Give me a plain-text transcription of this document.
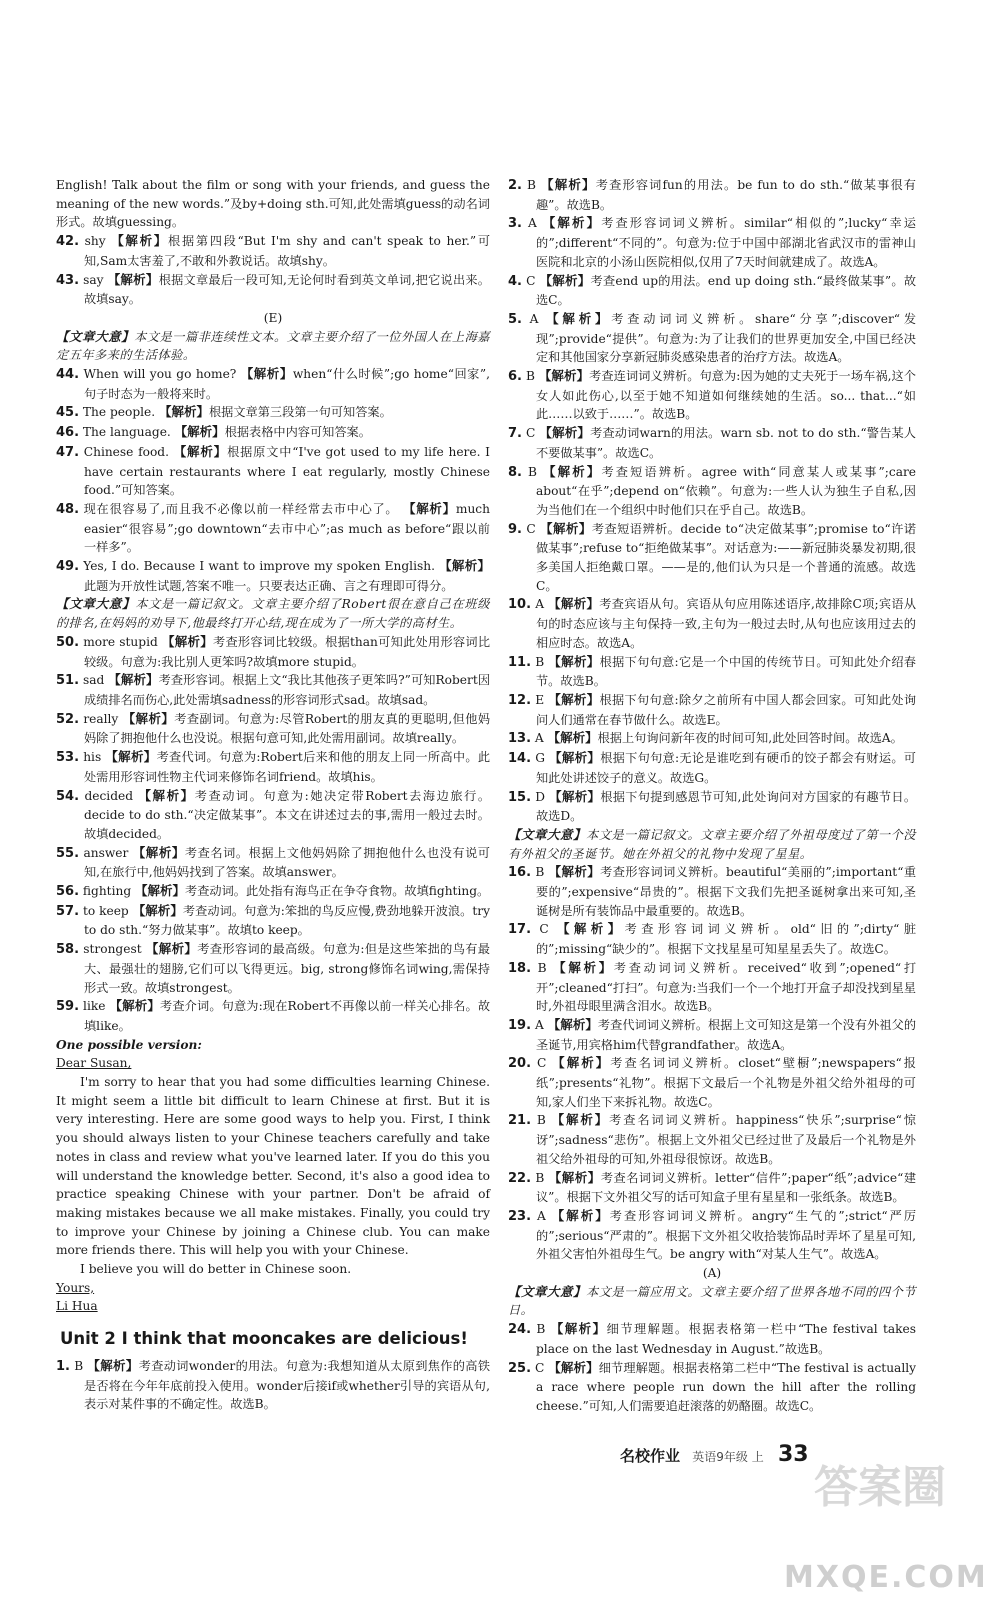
English! Talk about the film or song with your friends, and guess the meaning of the new words.”及by+doing sth.可知,此处需填guess的动名词形式。故填guessing。
42. shy 【解析】根据第四段“But I'm shy and can't speak to her.”可知,Sam太害羞了,不敢和外教说话。故填shy。
43. say 【解析】根据文章最后一段可知,无论何时看到英文单词,把它说出来。故填say。
(E)
【文章大意】本文是一篇非连续性文本。文章主要介绍了一位外国人在上海嘉定五年多来的生活体验。
44. When will you go home? 【解析】when“什么时候”;go home“回家”,句子时态为一般将来时。
45. The people. 【解析】根据文章第三段第一句可知答案。
46. The language. 【解析】根据表格中内容可知答案。
47. Chinese food. 【解析】根据原文中“I've got used to my life here. I have certain restaurants where I eat regularly, mostly Chinese food.”可知答案。
48. 现在很容易了,而且我不必像以前一样经常去市中心了。 【解析】much easier“很容易”;go downtown“去市中心”;as much as before“跟以前一样多”。
49. Yes, I do. Because I want to improve my spoken English. 【解析】此题为开放性试题,答案不唯一。只要表达正确、言之有理即可得分。
【文章大意】本文是一篇记叙文。文章主要介绍了Robert很在意自己在班级的排名,在妈妈的劝导下,他最终打开心结,现在成为了一所大学的高材生。
50. more stupid 【解析】考查形容词比较级。根据than可知此处用形容词比较级。句意为:我比别人更笨吗?故填more stupid。
51. sad 【解析】考查形容词。根据上文“我比其他孩子更笨吗?”可知Robert因成绩排名而伤心,此处需填sadness的形容词形式sad。故填sad。
52. really 【解析】考查副词。句意为:尽管Robert的朋友真的更聪明,但他妈妈除了拥抱他什么也没说。根据句意可知,此处需用副词。故填really。
53. his 【解析】考查代词。句意为:Robert后来和他的朋友上同一所高中。此处需用形容词性物主代词来修饰名词friend。故填his。
54. decided 【解析】考查动词。句意为:她决定带Robert去海边旅行。decide to do sth.“决定做某事”。本文在讲述过去的事,需用一般过去时。故填decided。
55. answer 【解析】考查名词。根据上文他妈妈除了拥抱他什么也没有说可知,在旅行中,他妈妈找到了答案。故填answer。
56. fighting 【解析】考查动词。此处指有海鸟正在争夺食物。故填fighting。
57. to keep 【解析】考查动词。句意为:笨拙的鸟反应慢,费劲地躲开波浪。try to do sth.“努力做某事”。故填to keep。
58. strongest 【解析】考查形容词的最高级。句意为:但是这些笨拙的鸟有最大、最强壮的翅膀,它们可以飞得更远。big, strong修饰名词wing,需保持形式一致。故填strongest。
59. like 【解析】考查介词。句意为:现在Robert不再像以前一样关心排名。故填like。

One possible version:

Dear Susan,

I'm sorry to hear that you had some difficulties learning Chinese. It might seem a little bit difficult to learn Chinese at first. But it is very interesting. Here are some good ways to help you. First, I think you should always listen to your Chinese teachers carefully and take notes in class and review what you've learned later. If you do this you will understand the knowledge better. Second, it's also a good idea to practice speaking Chinese with your partner. Don't be afraid of making mistakes because we all make mistakes. Finally, you could try to improve your Chinese by joining a Chinese club. You can make more friends there. This will help you with your Chinese.

I believe you will do better in Chinese soon.

Yours,

Li Hua

Unit 2 I think that mooncakes are delicious!
1. B 【解析】考查动词wonder的用法。句意为:我想知道从太原到焦作的高铁是否将在今年年底前投入使用。wonder后接if或whether引导的宾语从句,表示对某件事的不确定性。故选B。
2. B 【解析】考查形容词fun的用法。be fun to do sth.“做某事很有趣”。故选B。
3. A 【解析】考查形容词词义辨析。similar“相似的”;lucky“幸运的”;different“不同的”。句意为:位于中国中部湖北省武汉市的雷神山医院和北京的小汤山医院相似,仅用了7天时间就建成了。故选A。
4. C 【解析】考查end up的用法。end up doing sth.“最终做某事”。故选C。
5. A 【解析】考查动词词义辨析。share“分享”;discover“发现”;provide“提供”。句意为:为了让我们的世界更加安全,中国已经决定和其他国家分享新冠肺炎感染患者的治疗方法。故选A。
6. B 【解析】考查连词词义辨析。句意为:因为她的丈夫死于一场车祸,这个女人如此伤心,以至于她不知道如何继续她的生活。so... that...“如此……以致于……”。故选B。
7. C 【解析】考查动词warn的用法。warn sb. not to do sth.“警告某人不要做某事”。故选C。
8. B 【解析】考查短语辨析。agree with“同意某人或某事”;care about“在乎”;depend on“依赖”。句意为:一些人认为独生子自私,因为当他们在一个组织中时他们只在乎自己。故选B。
9. C 【解析】考查短语辨析。decide to“决定做某事”;promise to“许诺做某事”;refuse to“拒绝做某事”。对话意为:——新冠肺炎暴发初期,很多美国人拒绝戴口罩。——是的,他们认为只是一个普通的流感。故选C。
10. A 【解析】考查宾语从句。宾语从句应用陈述语序,故排除C项;宾语从句的时态应该与主句保持一致,主句为一般过去时,从句也应该用过去的相应时态。故选A。
11. B 【解析】根据下句句意:它是一个中国的传统节日。可知此处介绍春节。故选B。
12. E 【解析】根据下句句意:除夕之前所有中国人都会回家。可知此处询问人们通常在春节做什么。故选E。
13. A 【解析】根据上句询问新年夜的时间可知,此处回答时间。故选A。
14. G 【解析】根据下句句意:无论是谁吃到有硬币的饺子都会有财运。可知此处讲述饺子的意义。故选G。
15. D 【解析】根据下句提到感恩节可知,此处询问对方国家的有趣节日。故选D。
【文章大意】本文是一篇记叙文。文章主要介绍了外祖母度过了第一个没有外祖父的圣诞节。她在外祖父的礼物中发现了星星。
16. B 【解析】考查形容词词义辨析。beautiful“美丽的”;important“重要的”;expensive“昂贵的”。根据下文我们先把圣诞树拿出来可知,圣诞树是所有装饰品中最重要的。故选B。
17. C 【解析】考查形容词词义辨析。old“旧的”;dirty“脏的”;missing“缺少的”。根据下文找星星可知星星丢失了。故选C。
18. B 【解析】考查动词词义辨析。received“收到”;opened“打开”;cleaned“打扫”。句意为:当我们一个一个地打开盒子却没找到星星时,外祖母眼里满含泪水。故选B。
19. A 【解析】考查代词词义辨析。根据上文可知这是第一个没有外祖父的圣诞节,用宾格him代替grandfather。故选A。
20. C 【解析】考查名词词义辨析。closet“壁橱”;newspapers“报纸”;presents“礼物”。根据下文最后一个礼物是外祖父给外祖母的可知,家人们坐下来拆礼物。故选C。
21. B 【解析】考查名词词义辨析。happiness“快乐”;surprise“惊讶”;sadness“悲伤”。根据上文外祖父已经过世了及最后一个礼物是外祖父给外祖母的可知,外祖母很惊讶。故选B。
22. B 【解析】考查名词词义辨析。letter“信件”;paper“纸”;advice“建议”。根据下文外祖父写的话可知盒子里有星星和一张纸条。故选B。
23. A 【解析】考查形容词词义辨析。angry“生气的”;strict“严厉的”;serious“严肃的”。根据下文外祖父收拾装饰品时弄坏了星星可知,外祖父害怕外祖母生气。be angry with“对某人生气”。故选A。
(A)
【文章大意】本文是一篇应用文。文章主要介绍了世界各地不同的四个节日。
24. B 【解析】细节理解题。根据表格第一栏中“The festival takes place on the last Wednesday in August.”故选B。
25. C 【解析】细节理解题。根据表格第二栏中“The festival is actually a race where people run down the hill after the rolling cheese.”可知,人们需要追赶滚落的奶酪圈。故选C。
名校作业 英语9年级 上 33
答案圈
MXQE.COM
